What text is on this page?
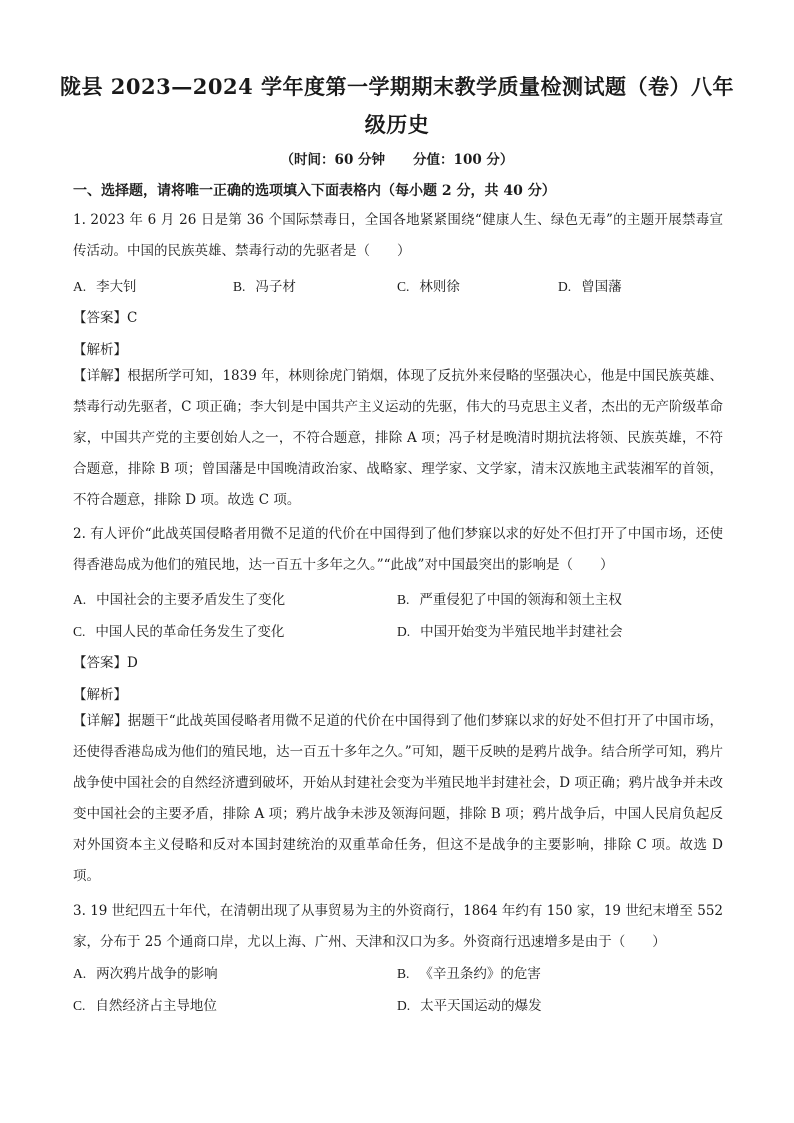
陇县 2023—2024 学年度第一学期期末教学质量检测试题（卷）八年
级历史
（时间：60 分钟 分值：100 分）
一、选择题，请将唯一正确的选项填入下面表格内（每小题 2 分，共 40 分）
1. 2023 年 6 月 26 日是第 36 个国际禁毒日，全国各地紧紧围绕“健康人生、绿色无毒”的主题开展禁毒宣传活动。中国的民族英雄、禁毒行动的先驱者是（　　）
A. 李大钊	B. 冯子材	C. 林则徐	D. 曾国藩
【答案】C
【解析】
【详解】根据所学可知，1839 年，林则徐虎门销烟，体现了反抗外来侵略的坚强决心，他是中国民族英雄、禁毒行动先驱者，C 项正确；李大钊是中国共产主义运动的先驱，伟大的马克思主义者，杰出的无产阶级革命家，中国共产党的主要创始人之一，不符合题意，排除 A 项；冯子材是晚清时期抗法将领、民族英雄，不符合题意，排除 B 项；曾国藩是中国晚清政治家、战略家、理学家、文学家，清末汉族地主武装湘军的首领，不符合题意，排除 D 项。故选 C 项。
2. 有人评价“此战英国侵略者用微不足道的代价在中国得到了他们梦寐以求的好处不但打开了中国市场，还使得香港岛成为他们的殖民地，达一百五十多年之久。”“此战”对中国最突出的影响是（　　）
A. 中国社会的主要矛盾发生了变化	B. 严重侵犯了中国的领海和领土主权
C. 中国人民的革命任务发生了变化	D. 中国开始变为半殖民地半封建社会
【答案】D
【解析】
【详解】据题干“此战英国侵略者用微不足道的代价在中国得到了他们梦寐以求的好处不但打开了中国市场，还使得香港岛成为他们的殖民地，达一百五十多年之久。”可知，题干反映的是鸦片战争。结合所学可知，鸦片战争使中国社会的自然经济遭到破坏，开始从封建社会变为半殖民地半封建社会，D 项正确；鸦片战争并未改变中国社会的主要矛盾，排除 A 项；鸦片战争未涉及领海问题，排除 B 项；鸦片战争后，中国人民肩负起反对外国资本主义侵略和反对本国封建统治的双重革命任务，但这不是战争的主要影响，排除 C 项。故选 D 项。
3. 19 世纪四五十年代，在清朝出现了从事贸易为主的外资商行，1864 年约有 150 家，19 世纪末增至 552 家，分布于 25 个通商口岸，尤以上海、广州、天津和汉口为多。外资商行迅速增多是由于（　　）
A. 两次鸦片战争的影响	B. 《辛丑条约》的危害
C. 自然经济占主导地位	D. 太平天国运动的爆发
